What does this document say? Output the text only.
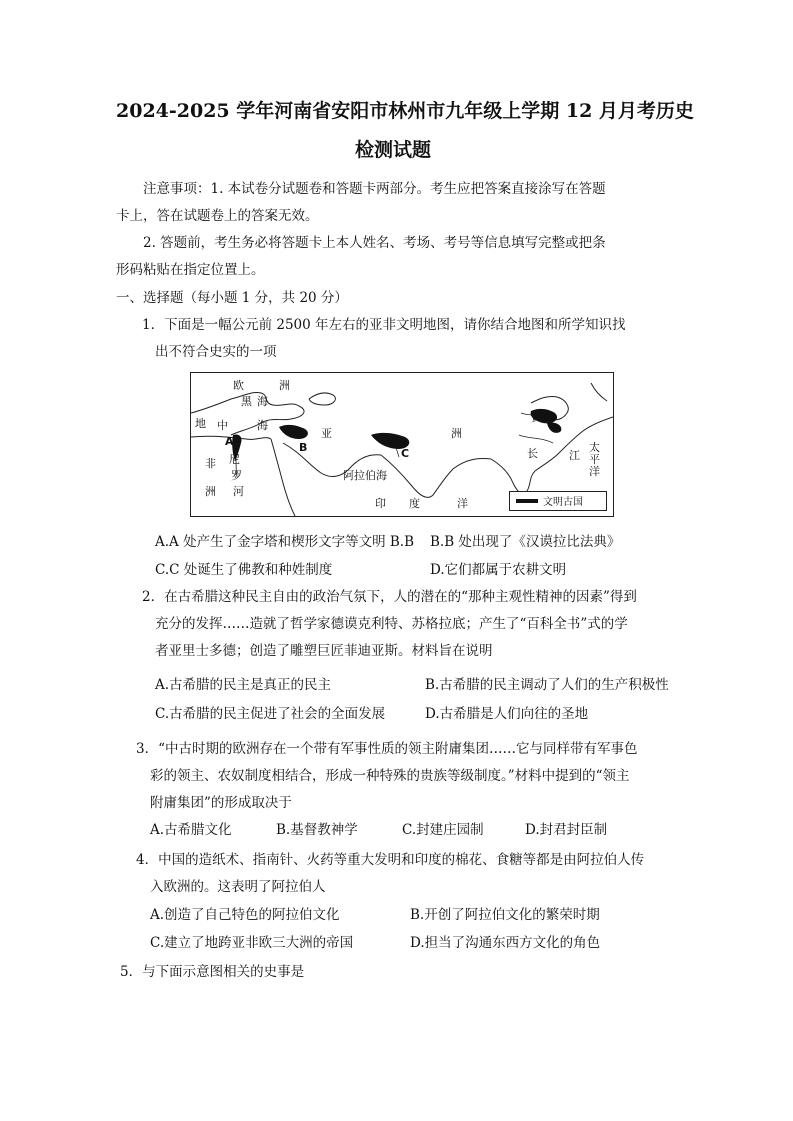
2024-2025 学年河南省安阳市林州市九年级上学期 12 月月考历史
检测试题
注意事项：1. 本试卷分试题卷和答题卡两部分。考生应把答案直接涂写在答题
卡上，答在试题卷上的答案无效。
2. 答题前，考生务必将答题卡上本人姓名、考场、考号等信息填写完整或把条
形码粘贴在指定位置上。
一、选择题（每小题 1 分，共 20 分）
1．下面是一幅公元前 2500 年左右的亚非文明地图，请你结合地图和所学知识找
出不符合史实的一项
欧	洲
黑 海
地 中	海
亚	洲
非
洲
尼
罗
河
阿拉伯海
印 度	洋
黄
长	江
太
平
洋
A	B	C
D
文明古国
A.A 处产生了金字塔和楔形文字等文明 B.B B.B 处出现了《汉谟拉比法典》
C.C 处诞生了佛教和种姓制度	D.它们都属于农耕文明
2．在古希腊这种民主自由的政治气氛下，人的潜在的“那种主观性精神的因素”得到
充分的发挥……造就了哲学家德谟克利特、苏格拉底；产生了“百科全书”式的学
者亚里士多德；创造了雕塑巨匠菲迪亚斯。材料旨在说明
A.古希腊的民主是真正的民主	B.古希腊的民主调动了人们的生产积极性
C.古希腊的民主促进了社会的全面发展	D.古希腊是人们向往的圣地
3．“中古时期的欧洲存在一个带有军事性质的领主附庸集团……它与同样带有军事色
彩的领主、农奴制度相结合，形成一种特殊的贵族等级制度。”材料中提到的“领主
附庸集团”的形成取决于
A.古希腊文化	B.基督教神学	C.封建庄园制	D.封君封臣制
4．中国的造纸术、指南针、火药等重大发明和印度的棉花、食糖等都是由阿拉伯人传
入欧洲的。这表明了阿拉伯人
A.创造了自己特色的阿拉伯文化	B.开创了阿拉伯文化的繁荣时期
C.建立了地跨亚非欧三大洲的帝国	D.担当了沟通东西方文化的角色
5．与下面示意图相关的史事是
